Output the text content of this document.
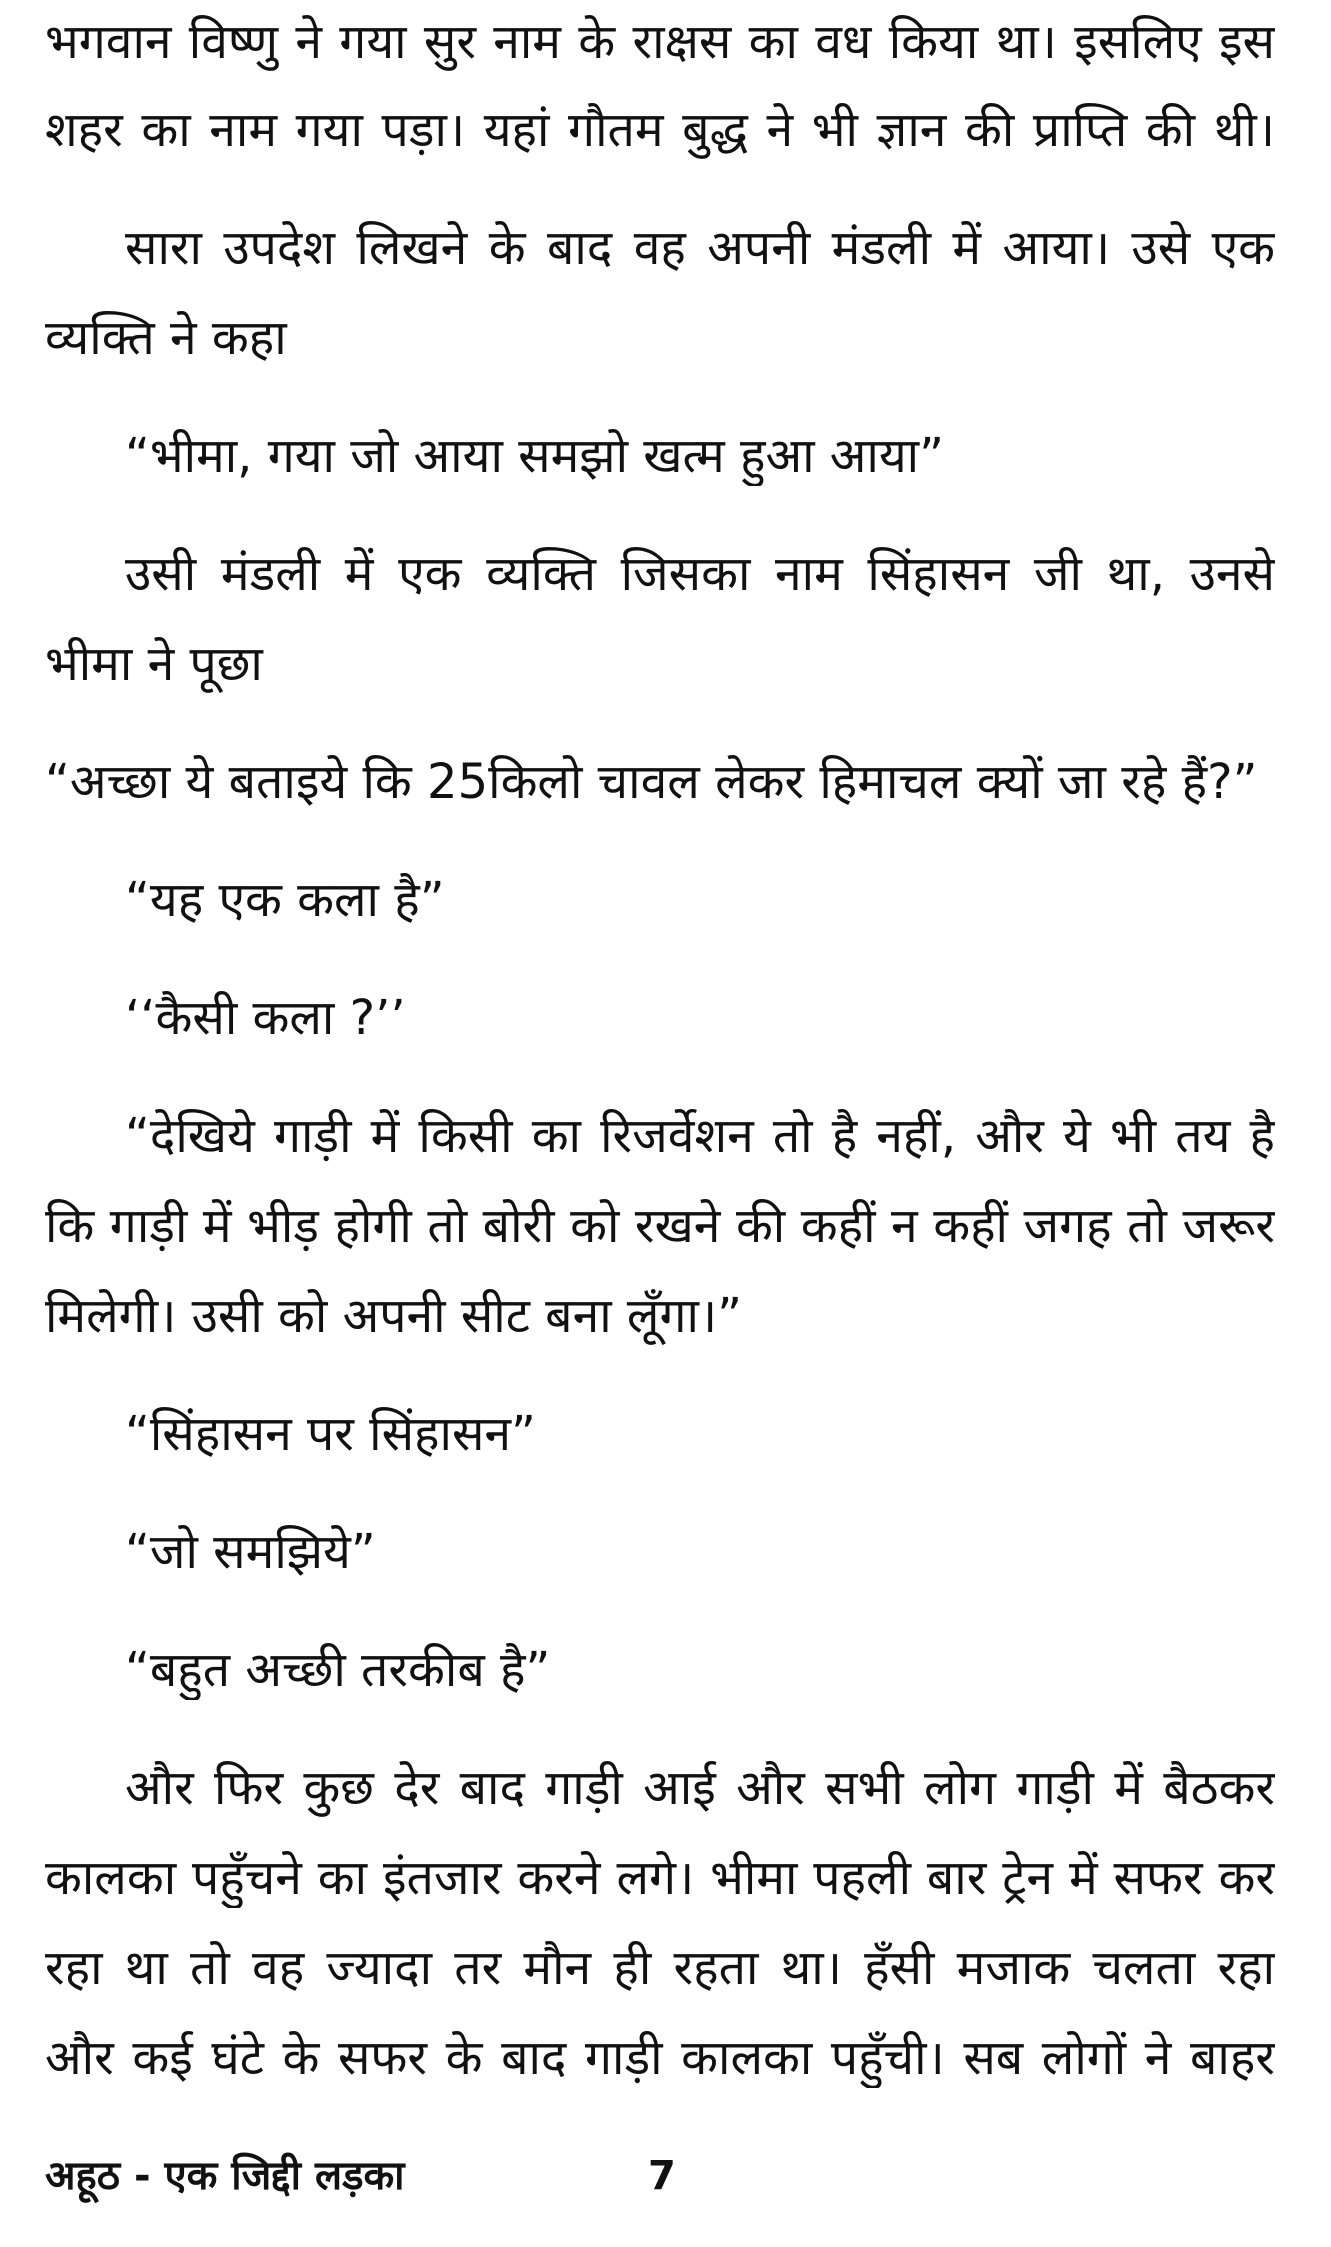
भगवान विष्णु ने गया सुर नाम के राक्षस का वध किया था। इसलिए इस
शहर का नाम गया पड़ा। यहां गौतम बुद्ध ने भी ज्ञान की प्राप्ति की थी।
सारा उपदेश लिखने के बाद वह अपनी मंडली में आया। उसे एक
व्यक्ति ने कहा
“भीमा, गया जो आया समझो खत्म हुआ आया”
उसी मंडली में एक व्यक्ति जिसका नाम सिंहासन जी था, उनसे
भीमा ने पूछा
“अच्छा ये बताइये कि 25किलो चावल लेकर हिमाचल क्यों जा रहे हैं?”
“यह एक कला है”
‘‘कैसी कला ?’’
“देखिये गाड़ी में किसी का रिजर्वेशन तो है नहीं, और ये भी तय है
कि गाड़ी में भीड़ होगी तो बोरी को रखने की कहीं न कहीं जगह तो जरूर
मिलेगी। उसी को अपनी सीट बना लूँगा।”
“सिंहासन पर सिंहासन”
“जो समझिये”
“बहुत अच्छी तरकीब है”
और फिर कुछ देर बाद गाड़ी आई और सभी लोग गाड़ी में बैठकर
कालका पहुँचने का इंतजार करने लगे। भीमा पहली बार ट्रेन में सफर कर
रहा था तो वह ज्यादा तर मौन ही रहता था। हँसी मजाक चलता रहा
और कई घंटे के सफर के बाद गाड़ी कालका पहुँची। सब लोगों ने बाहर
अहूठ - एक जिद्दी लड़का	7
